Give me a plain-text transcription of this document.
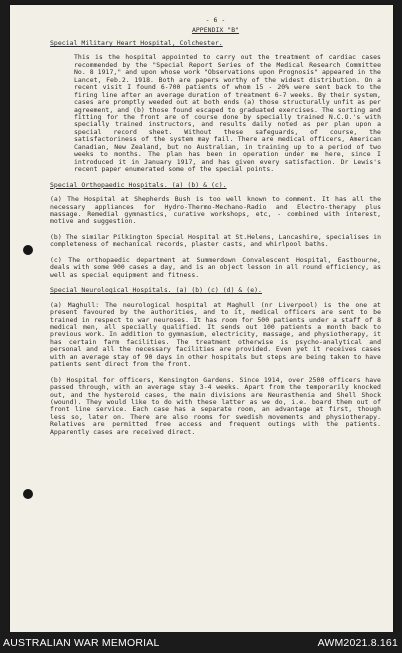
- 6 -
APPENDIX "B"
Special Military Heart Hospital, Colchester.

This is the hospital appointed to carry out the treatment of cardiac cases recommended by the "Special Report Series of the Medical Research Committee No. 8 1917," and upon whose work "Observations upon Prognosis" appeared in the Lancet, Feb.2. 1918. Both are papers worthy of the widest distribution. On a recent visit I found 6-700 patients of whom 15 - 20% were sent back to the firing line after an average duration of treatment 6-7 weeks. By their system, cases are promptly weeded out at both ends (a) those structurally unfit as per agreement, and (b) those found escaped to graduated exercises. The sorting and fitting for the front are of course done by specially trained N.C.O.'s with specially trained instructors, and results daily noted as per plan upon a special record sheet. Without these safeguards, of course, the satisfactoriness of the system may fail. There are medical officers, American Canadian, New Zealand, but no Australian, in training up to a period of two weeks to months. The plan has been in operation under me here, since I introduced it in January 1917, and has given every satisfaction. Dr Lewis's recent paper enumerated some of the special points.

Special Orthopaedic Hospitals. (a) (b) & (c).

(a) The Hospital at Shepherds Bush is too well known to comment. It has all the necessary appliances for Hydro-Thermo-Mechano-Radio and Electro-therapy plus massage. Remedial gymnastics, curative workshops, etc, - combined with interest, motive and suggestion.

(b) The similar Pilkington Special Hospital at St.Helens, Lancashire, specialises in completeness of mechanical records, plaster casts, and whirlpool baths.

(c) The orthopaedic department at Summerdown Convalescent Hospital, Eastbourne, deals with some 900 cases a day, and is an object lesson in all round efficiency, as well as special equipment and fitness.

Special Neurological Hospitals. (a) (b) (c) (d) & (e).

(a) Maghull: The neurological hospital at Maghull (nr Liverpool) is the one at present favoured by the authorities, and to it, medical officers are sent to be trained in respect to war neuroses. It has room for 500 patients under a staff of 8 medical men, all specially qualified. It sends out 100 patients a month back to previous work. In addition to gymnasium, electricity, massage, and physiotherapy, it has certain farm facilities. The treatment otherwise is psycho-analytical and personal and all the necessary facilities are provided. Even yet it receives cases with an average stay of 90 days in other hospitals but steps are being taken to have patients sent direct from the front.

(b) Hospital for officers, Kensington Gardens. Since 1914, over 2500 officers have passed through, with an average stay 3-4 weeks. Apart from the temporarily knocked out, and the hysteroid cases, the main divisions are Neurasthenia and Shell Shock (wound). They would like to do with these latter as we do, i.e. board them out of front line service. Each case has a separate room, an advantage at first, though less so, later on. There are also rooms for swedish movements and physiotherapy. Relatives are permitted free access and frequent outings with the patients. Apparently cases are received direct.

AUSTRALIAN WAR MEMORIAL	AWM2021.8.161
